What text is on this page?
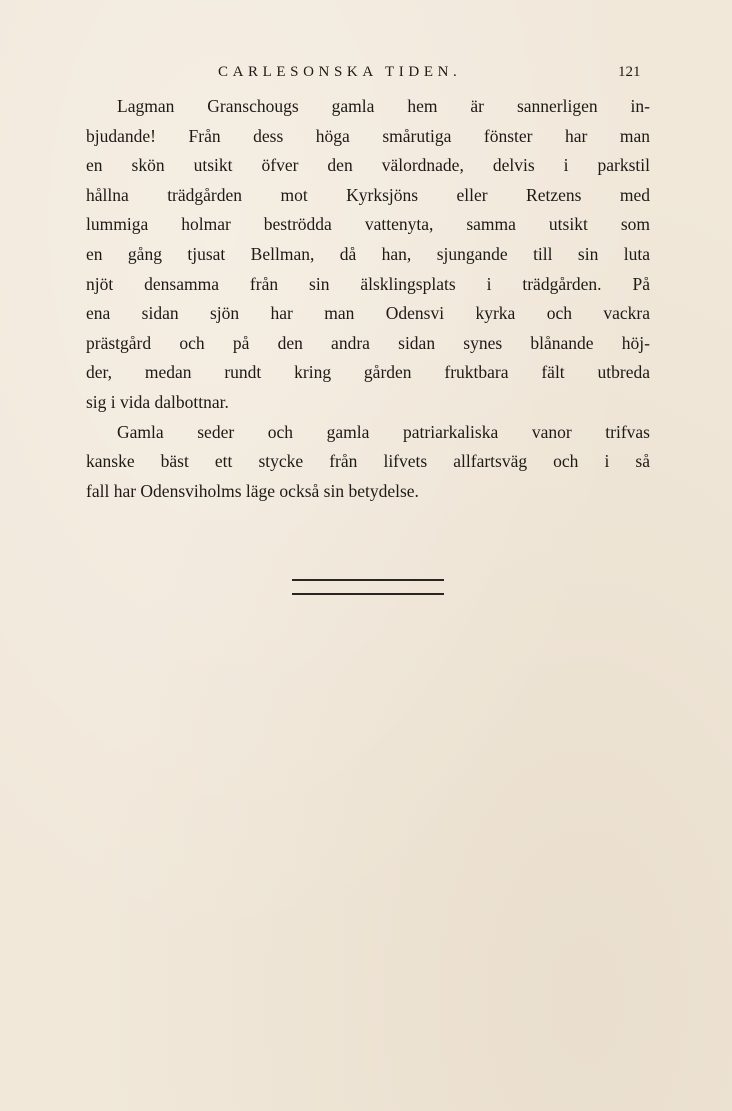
CARLESONSKA TIDEN.	121
Lagman Granschougs gamla hem är sannerligen in-
bjudande! Från dess höga smårutiga fönster har man
en skön utsikt öfver den välordnade, delvis i parkstil
hållna trädgården mot Kyrksjöns eller Retzens med
lummiga holmar beströdda vattenyta, samma utsikt som
en gång tjusat Bellman, då han, sjungande till sin luta
njöt densamma från sin älsklingsplats i trädgården. På
ena sidan sjön har man Odensvi kyrka och vackra
prästgård och på den andra sidan synes blånande höj-
der, medan rundt kring gården fruktbara fält utbreda
sig i vida dalbottnar.
Gamla seder och gamla patriarkaliska vanor trifvas
kanske bäst ett stycke från lifvets allfartsväg och i så
fall har Odensviholms läge också sin betydelse.
